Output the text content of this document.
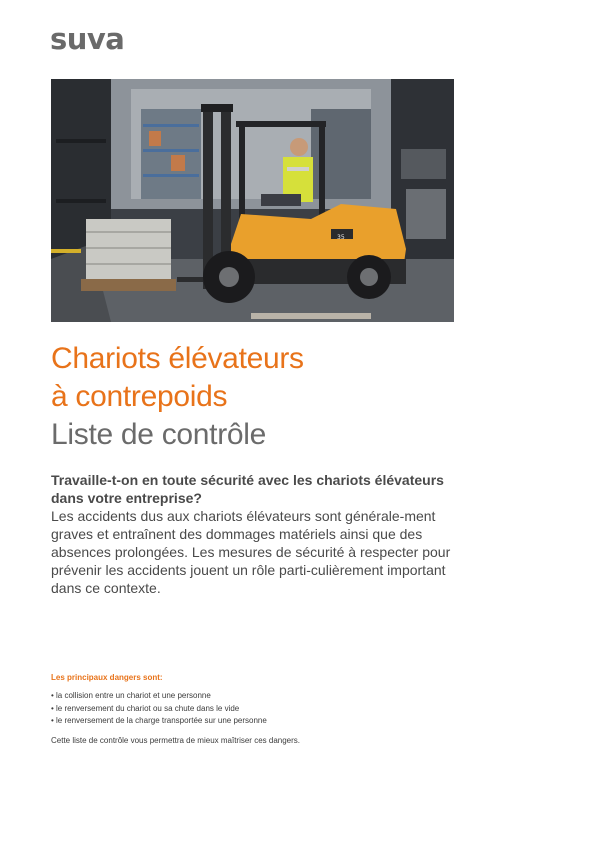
suva
35
Chariots élévateurs
à contrepoids
Liste de contrôle

Travaille-t-on en toute sécurité avec les chariots élévateurs dans votre entreprise?

Les accidents dus aux chariots élévateurs sont générale-ment graves et entraînent des dommages matériels ainsi que des absences prolongées. Les mesures de sécurité à respecter pour prévenir les accidents jouent un rôle parti-culièrement important dans ce contexte.

Les principaux dangers sont:

• la collision entre un chariot et une personne
• le renversement du chariot ou sa chute dans le vide
• le renversement de la charge transportée sur une personne

Cette liste de contrôle vous permettra de mieux maîtriser ces dangers.
